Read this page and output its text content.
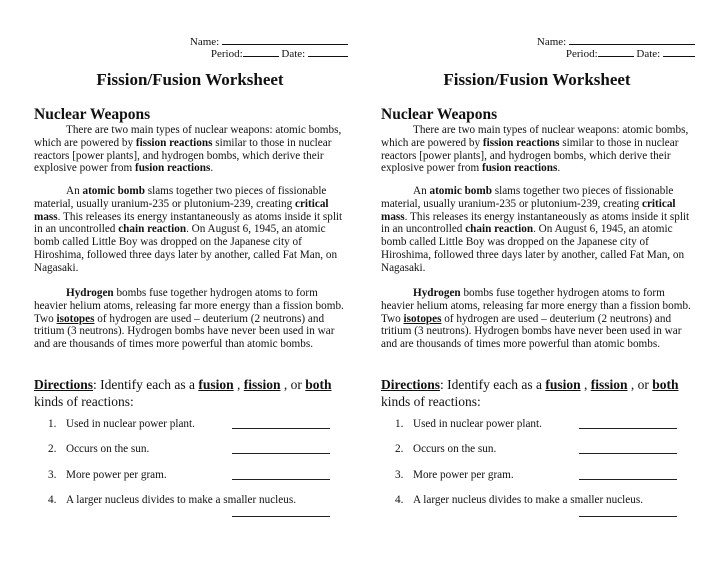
Name:
Period:	Date:
Fission/Fusion Worksheet
Nuclear Weapons
There are two main types of nuclear weapons: atomic bombs,
which are powered by fission reactions similar to those in nuclear
reactors [power plants], and hydrogen bombs, which derive their
explosive power from fusion reactions.
An atomic bomb slams together two pieces of fissionable
material, usually uranium-235 or plutonium-239, creating critical
mass. This releases its energy instantaneously as atoms inside it split
in an uncontrolled chain reaction. On August 6, 1945, an atomic
bomb called Little Boy was dropped on the Japanese city of
Hiroshima, followed three days later by another, called Fat Man, on
Nagasaki.
Hydrogen bombs fuse together hydrogen atoms to form
heavier helium atoms, releasing far more energy than a fission bomb.
Two isotopes of hydrogen are used – deuterium (2 neutrons) and
tritium (3 neutrons). Hydrogen bombs have never been used in war
and are thousands of times more powerful than atomic bombs.
Directions: Identify each as a fusion , fission , or both
kinds of reactions:
1. Used in nuclear power plant.
2. Occurs on the sun.
3. More power per gram.
4. A larger nucleus divides to make a smaller nucleus.
Name:
Period:	Date:
Fission/Fusion Worksheet
Nuclear Weapons
There are two main types of nuclear weapons: atomic bombs,
which are powered by fission reactions similar to those in nuclear
reactors [power plants], and hydrogen bombs, which derive their
explosive power from fusion reactions.
An atomic bomb slams together two pieces of fissionable
material, usually uranium-235 or plutonium-239, creating critical
mass. This releases its energy instantaneously as atoms inside it split
in an uncontrolled chain reaction. On August 6, 1945, an atomic
bomb called Little Boy was dropped on the Japanese city of
Hiroshima, followed three days later by another, called Fat Man, on
Nagasaki.
Hydrogen bombs fuse together hydrogen atoms to form
heavier helium atoms, releasing far more energy than a fission bomb.
Two isotopes of hydrogen are used – deuterium (2 neutrons) and
tritium (3 neutrons). Hydrogen bombs have never been used in war
and are thousands of times more powerful than atomic bombs.
Directions: Identify each as a fusion , fission , or both
kinds of reactions:
1. Used in nuclear power plant.
2. Occurs on the sun.
3. More power per gram.
4. A larger nucleus divides to make a smaller nucleus.
